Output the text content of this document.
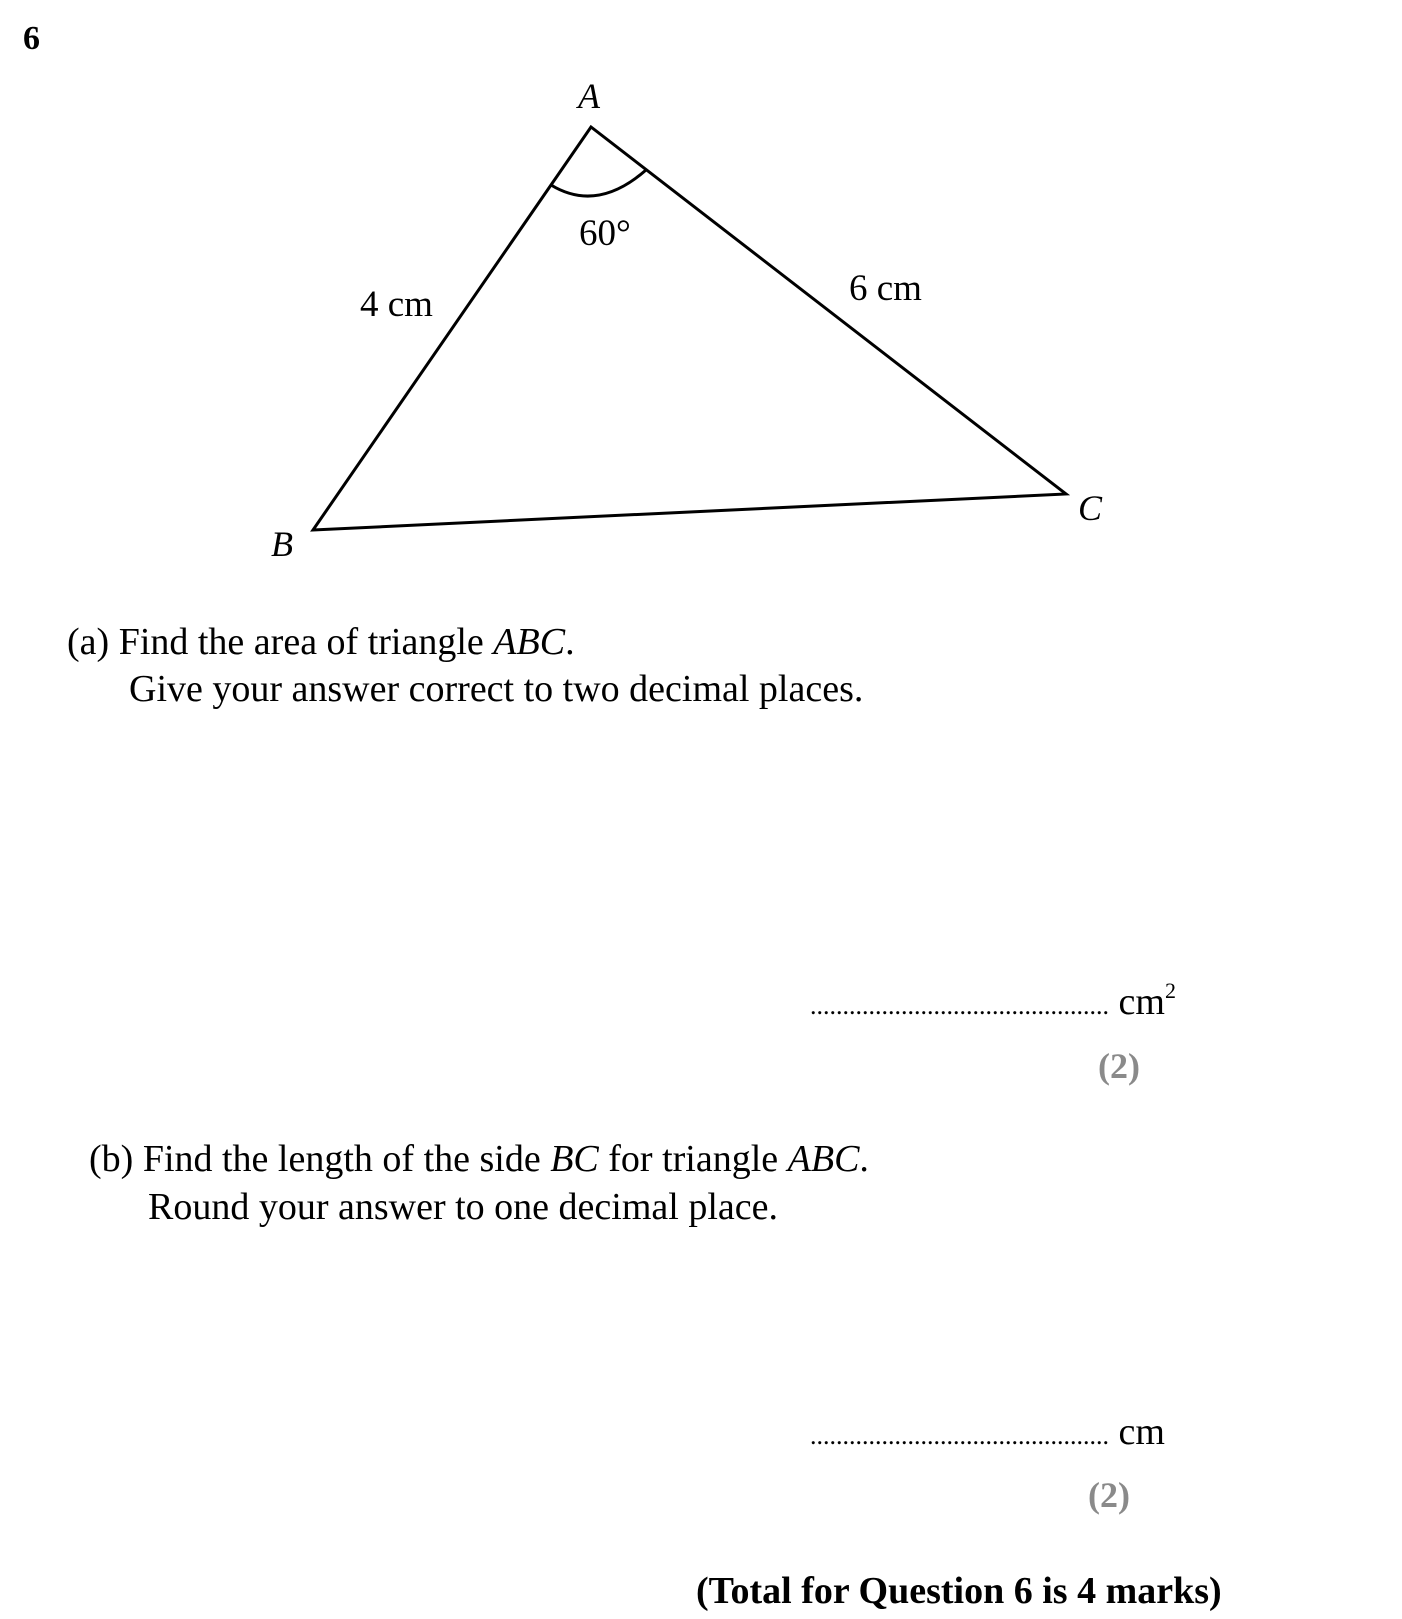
6
A
B
C
60°
4 cm	6 cm
(a) Find the area of triangle ABC.
Give your answer correct to two decimal places.
.............................................. $cm^2$
(2)
(b) Find the length of the side BC for triangle ABC.
Round your answer to one decimal place.
.............................................. cm
(2)
(Total for Question 6 is 4 marks)
